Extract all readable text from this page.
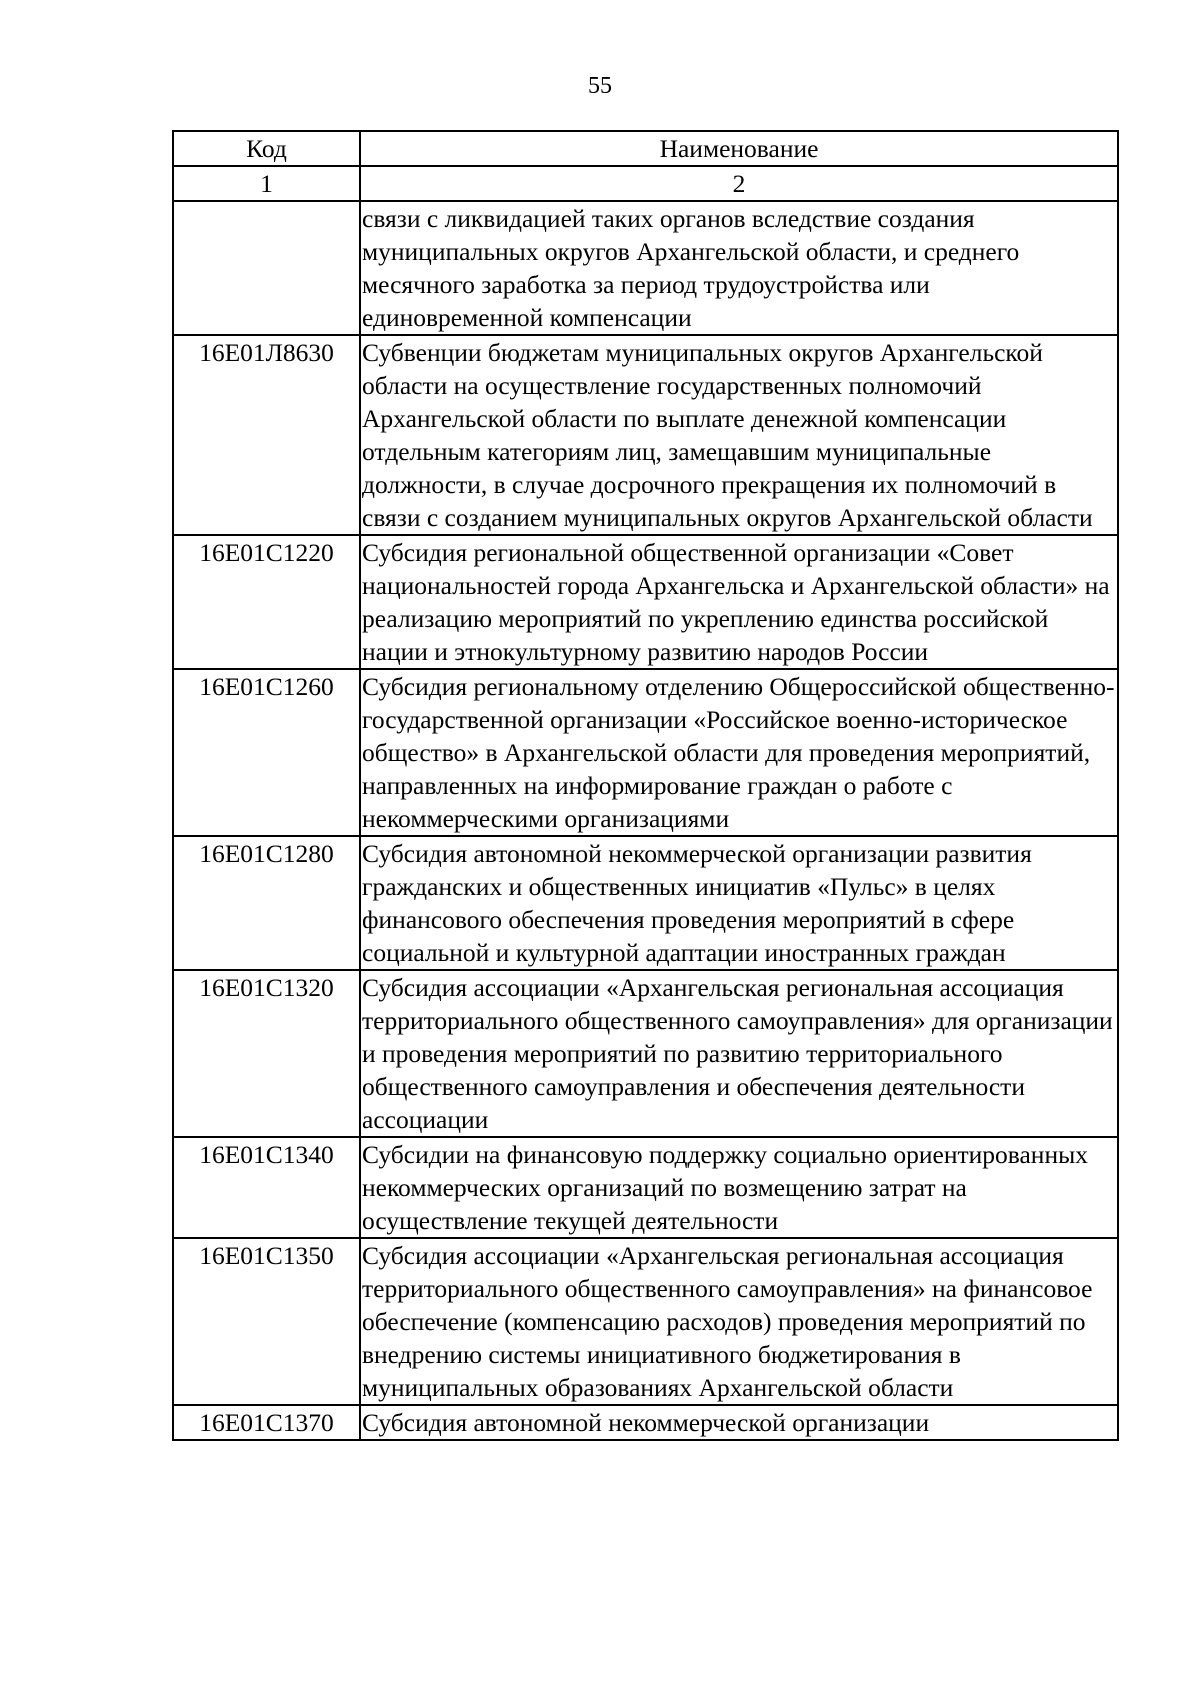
55
Код	Наименование
1	2
	связи с ликвидацией таких органов вследствие создания муниципальных округов Архангельской области, и среднего месячного заработка за период трудоустройства или единовременной компенсации
16Е01Л8630	Субвенции бюджетам муниципальных округов Архангельской области на осуществление государственных полномочий Архангельской области по выплате денежной компенсации отдельным категориям лиц, замещавшим муниципальные должности, в случае досрочного прекращения их полномочий в связи с созданием муниципальных округов Архангельской области
16Е01С1220	Субсидия региональной общественной организации «Совет национальностей города Архангельска и Архангельской области» на реализацию мероприятий по укреплению единства российской нации и этнокультурному развитию народов России
16Е01С1260	Субсидия региональному отделению Общероссийской общественно-государственной организации «Российское военно-историческое общество» в Архангельской области для проведения мероприятий, направленных на информирование граждан о работе с некоммерческими организациями
16Е01С1280	Субсидия автономной некоммерческой организации развития гражданских и общественных инициатив «Пульс» в целях финансового обеспечения проведения мероприятий в сфере социальной и культурной адаптации иностранных граждан
16Е01С1320	Субсидия ассоциации «Архангельская региональная ассоциация территориального общественного самоуправления» для организации и проведения мероприятий по развитию территориального общественного самоуправления и обеспечения деятельности ассоциации
16Е01С1340	Субсидии на финансовую поддержку социально ориентированных некоммерческих организаций по возмещению затрат на осуществление текущей деятельности
16Е01С1350	Субсидия ассоциации «Архангельская региональная ассоциация территориального общественного самоуправления» на финансовое обеспечение (компенсацию расходов) проведения мероприятий по внедрению системы инициативного бюджетирования в муниципальных образованиях Архангельской области
16Е01С1370	Субсидия автономной некоммерческой организации
